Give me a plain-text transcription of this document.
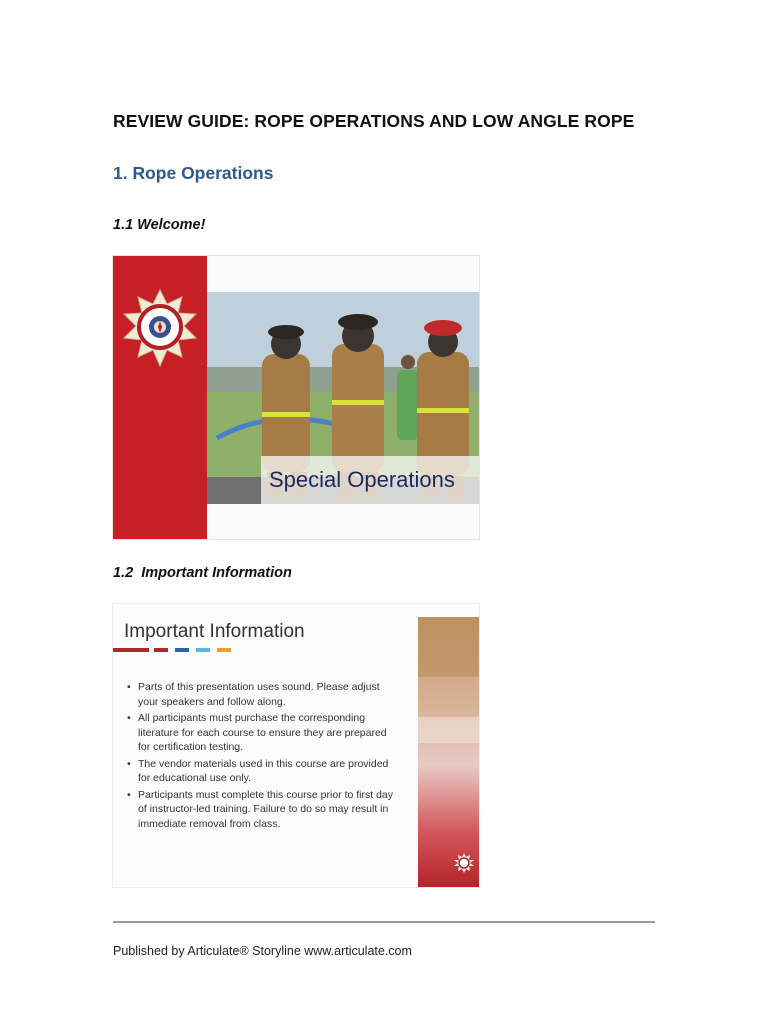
REVIEW GUIDE: ROPE OPERATIONS AND LOW ANGLE ROPE
1. Rope Operations
1.1 Welcome!
Special Operations
1.2  Important Information
Important Information
• Parts of this presentation uses sound. Please adjust your speakers and follow along.
• All participants must purchase the corresponding literature for each course to ensure they are prepared for certification testing.
• The vendor materials used in this course are provided for educational use only.
• Participants must complete this course prior to first day of instructor-led training. Failure to do so may result in immediate removal from class.
Published by Articulate® Storyline www.articulate.com
